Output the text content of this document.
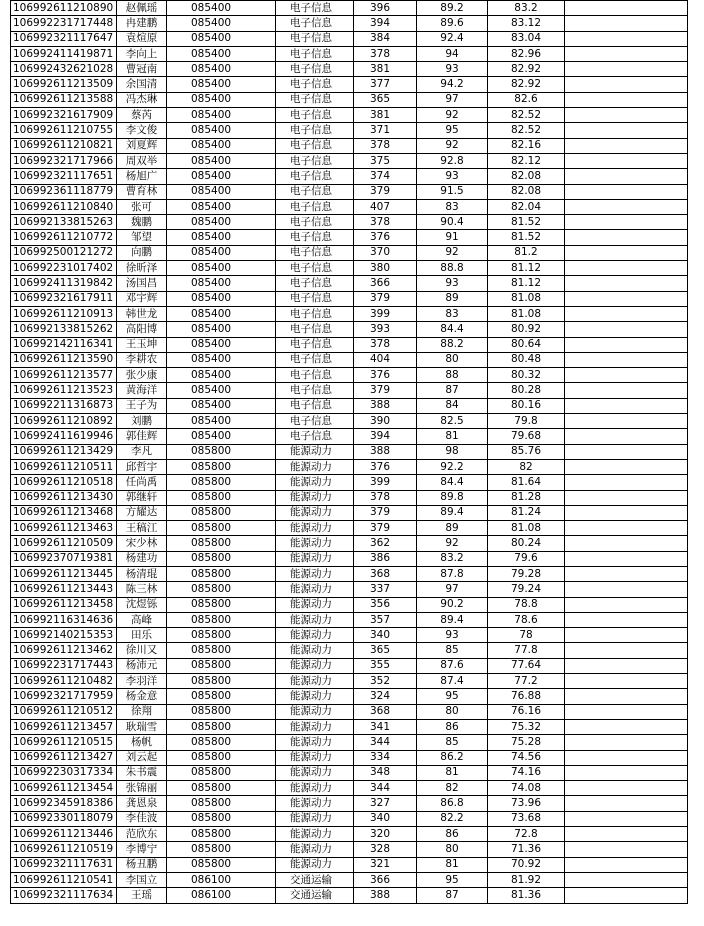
106992611210890	赵佩瑶	085400	电子信息	396	89.2	83.2	
106992231717448	冉建鹏	085400	电子信息	394	89.6	83.12	
106992321117647	袁煊原	085400	电子信息	384	92.4	83.04	
106992411419871	李向上	085400	电子信息	378	94	82.96	
106992432621028	曹冠南	085400	电子信息	381	93	82.92	
106992611213509	余国清	085400	电子信息	377	94.2	82.92	
106992611213588	冯杰琳	085400	电子信息	365	97	82.6	
106992321617909	蔡芮	085400	电子信息	381	92	82.52	
106992611210755	李文俊	085400	电子信息	371	95	82.52	
106992611210821	刘夏辉	085400	电子信息	378	92	82.16	
106992321717966	周双举	085400	电子信息	375	92.8	82.12	
106992321117651	杨旭广	085400	电子信息	374	93	82.08	
106992361118779	曹育林	085400	电子信息	379	91.5	82.08	
106992611210840	张可	085400	电子信息	407	83	82.04	
106992133815263	魏鹏	085400	电子信息	378	90.4	81.52	
106992611210772	邹望	085400	电子信息	376	91	81.52	
106992500121272	向鹏	085400	电子信息	370	92	81.2	
106992231017402	徐昕泽	085400	电子信息	380	88.8	81.12	
106992411319842	汤国昌	085400	电子信息	366	93	81.12	
106992321617911	邓宇辉	085400	电子信息	379	89	81.08	
106992611210913	韩世龙	085400	电子信息	399	83	81.08	
106992133815262	高阳博	085400	电子信息	393	84.4	80.92	
106992142116341	王玉坤	085400	电子信息	378	88.2	80.64	
106992611213590	李耕农	085400	电子信息	404	80	80.48	
106992611213577	张少康	085400	电子信息	376	88	80.32	
106992611213523	黄海洋	085400	电子信息	379	87	80.28	
106992211316873	王子为	085400	电子信息	388	84	80.16	
106992611210892	刘鹏	085400	电子信息	390	82.5	79.8	
106992411619946	郭佳辉	085400	电子信息	394	81	79.68	
106992611213429	李凡	085800	能源动力	388	98	85.76	
106992611210511	邱哲宇	085800	能源动力	376	92.2	82	
106992611210518	任尚禹	085800	能源动力	399	84.4	81.64	
106992611213430	郭继轩	085800	能源动力	378	89.8	81.28	
106992611213468	方耀达	085800	能源动力	379	89.4	81.24	
106992611213463	王稿江	085800	能源动力	379	89	81.08	
106992611210509	宋少林	085800	能源动力	362	92	80.24	
106992370719381	杨建功	085800	能源动力	386	83.2	79.6	
106992611213445	杨清琨	085800	能源动力	368	87.8	79.28	
106992611213443	陈三林	085800	能源动力	337	97	79.24	
106992611213458	沈煜铄	085800	能源动力	356	90.2	78.8	
106992116314636	高峰	085800	能源动力	357	89.4	78.6	
106992140215353	田乐	085800	能源动力	340	93	78	
106992611213462	徐川又	085800	能源动力	365	85	77.8	
106992231717443	杨沛元	085800	能源动力	355	87.6	77.64	
106992611210482	李羽洋	085800	能源动力	352	87.4	77.2	
106992321717959	杨金意	085800	能源动力	324	95	76.88	
106992611210512	徐翔	085800	能源动力	368	80	76.16	
106992611213457	耿瑞雪	085800	能源动力	341	86	75.32	
106992611210515	杨帆	085800	能源动力	344	85	75.28	
106992611213427	刘云起	085800	能源动力	334	86.2	74.56	
106992230317334	朱书震	085800	能源动力	348	81	74.16	
106992611213454	张锦丽	085800	能源动力	344	82	74.08	
106992345918386	龚恩泉	085800	能源动力	327	86.8	73.96	
106992330118079	李佳波	085800	能源动力	340	82.2	73.68	
106992611213446	范欣东	085800	能源动力	320	86	72.8	
106992611210519	李博宁	085800	能源动力	328	80	71.36	
106992321117631	杨丑鹏	085800	能源动力	321	81	70.92	
106992611210541	李国立	086100	交通运输	366	95	81.92	
106992321117634	王瑶	086100	交通运输	388	87	81.36	
